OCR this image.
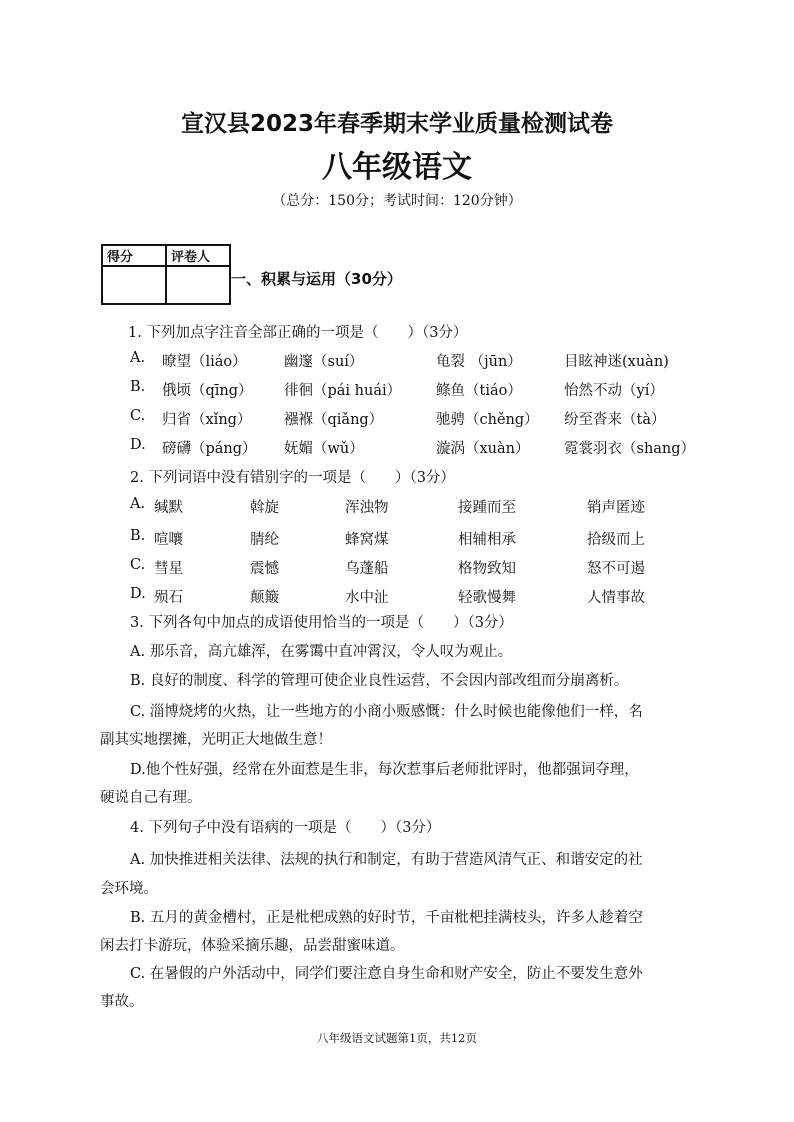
宣汉县2023年春季期末学业质量检测试卷
八年级语文
（总分：150分；考试时间：120分钟）
得分	评卷人

一、积累与运用（30分）
1. 下列加点字注音全部正确的一项是（　　）（3分）
A. 暸望（liáo）	幽邃（suí）	龟裂 （jūn）	目眩神迷(xuàn)
B. 俄顷（qīng） 徘徊（pái huái） 鲦鱼（tiáo）	怡然不动（yí）
C. 归省（xǐng） 襁褓（qiǎng）	驰骋（chěng） 纷至沓来（tà）
D. 磅礴（páng） 妩媚（wǔ）	漩涡（xuàn） 霓裳羽衣（shang）
2. 下列词语中没有错别字的一项是（　　）（3分）
A. 缄默	斡旋	浑浊物	接踵而至	销声匿迹
B. 喧嚷	腈纶	蜂窝煤	相辅相承	拾级而上
C. 彗星	震憾	乌蓬船	格物致知	怒不可遏
D. 殒石	颠簸	水中沚	轻歌慢舞	人情事故
3. 下列各句中加点的成语使用恰当的一项是（　　）（3分）
A. 那乐音，高亢雄浑，在雾霭中直冲霄汉，令人叹为观止。
B. 良好的制度、科学的管理可使企业良性运营，不会因内部改组而分崩离析。
C. 淄博烧烤的火热，让一些地方的小商小贩感慨：什么时候也能像他们一样，名
副其实地摆摊，光明正大地做生意！
D.他个性好强，经常在外面惹是生非，每次惹事后老师批评时，他都强词夺理，
硬说自己有理。
4. 下列句子中没有语病的一项是（　　）（3分）
A. 加快推进相关法律、法规的执行和制定，有助于营造风清气正、和谐安定的社
会环境。
B. 五月的黄金槽村，正是枇杷成熟的好时节，千亩枇杷挂满枝头，许多人趁着空
闲去打卡游玩，体验采摘乐趣，品尝甜蜜味道。
C. 在暑假的户外活动中，同学们要注意自身生命和财产安全，防止不要发生意外
事故。
八年级语文试题第1页，共12页
